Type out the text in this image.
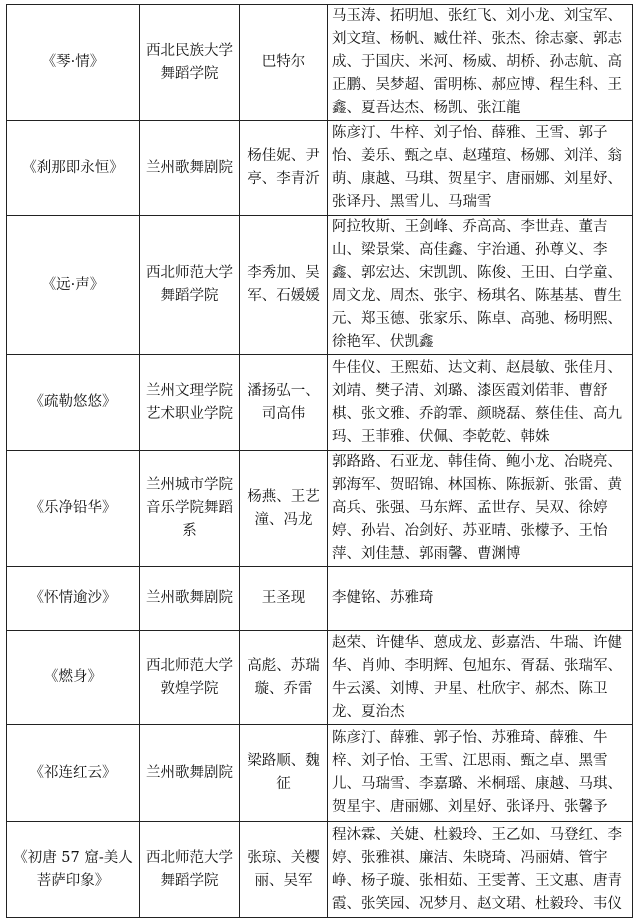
《琴·情》	西北民族大学舞蹈学院	巴特尔	马玉涛、拓明旭、张红飞、刘小龙、刘宝军、刘文瑄、杨帆、臧仕祥、张杰、徐志豪、郭志成、于国庆、米河、杨威、胡桥、孙志航、高正鹏、吴梦超、雷明栋、郝应博、程生科、王鑫、夏吾达杰、杨凯、张江龍
《刹那即永恒》	兰州歌舞剧院	杨佳妮、尹亭、李青沂	陈彦汀、牛梓、刘子怡、薛雅、王雪、郭子怡、姜乐、甄之卓、赵瑾瑄、杨娜、刘洋、翁萌、康越、马琪、贺星宇、唐丽娜、刘星妤、张译丹、黑雪儿、马瑞雪
《远·声》	西北师范大学舞蹈学院	李秀加、吴军、石媛媛	阿拉牧斯、王剑峰、乔高高、李世垚、董吉山、梁景棠、高佳鑫、宇治通、孙尊义、李鑫、郭宏达、宋凯凯、陈俊、王田、白学童、周文龙、周杰、张宇、杨琪名、陈基基、曹生元、郑玉德、张家乐、陈卓、高驰、杨明熙、徐艳军、伏凯鑫
《疏勒悠悠》	兰州文理学院艺术职业学院	潘扬弘一、司高伟	牛佳仪、王熙茹、达文莉、赵晨敏、张佳月、刘靖、樊子清、刘璐、漆医霞刘偌菲、曹舒棋、张文雅、乔韵霏、颜晓磊、蔡佳佳、高九玛、王菲雅、伏佩、李乾乾、韩姝
《乐净铅华》	兰州城市学院音乐学院舞蹈系	杨燕、王艺潼、冯龙	郭路路、石亚龙、韩佳倚、鲍小龙、冶晓亮、郭海军、贺昭锦、林国栋、陈振新、张雷、黄高兵、张强、马东辉、孟世存、吴双、徐婷婷、孙岩、冶剑好、苏亚晴、张檬予、王怡萍、刘佳慧、郭雨馨、曹渊博
《怀情逾沙》	兰州歌舞剧院	王圣现	李健铭、苏雅琦
《燃身》	西北师范大学敦煌学院	高彪、苏瑞璇、乔雷	赵荣、许健华、蒽成龙、彭嘉浩、牛瑞、许健华、肖帅、李明辉、包旭东、胥磊、张瑞军、牛云溪、刘博、尹星、杜欣宇、郝杰、陈卫龙、夏治杰
《祁连红云》	兰州歌舞剧院	梁路顺、魏征	陈彦汀、薛雅、郭子怡、苏雅琦、薛雅、牛梓、刘子怡、王雪、江思雨、甄之卓、黑雪儿、马瑞雪、李嘉璐、米桐瑶、康越、马琪、贺星宇、唐丽娜、刘星妤、张译丹、张馨予
《初唐 57 窟-美人菩萨印象》	西北师范大学舞蹈学院	张琼、关樱丽、吴军	程沐霖、关婕、杜毅玲、王乙如、马登红、李婷、张雅祺、廉洁、朱晓琦、冯丽婧、管宇峥、杨子璇、张相茹、王雯菁、王文惠、唐青霞、张笑园、况梦月、赵文珺、杜毅玲、韦仪
